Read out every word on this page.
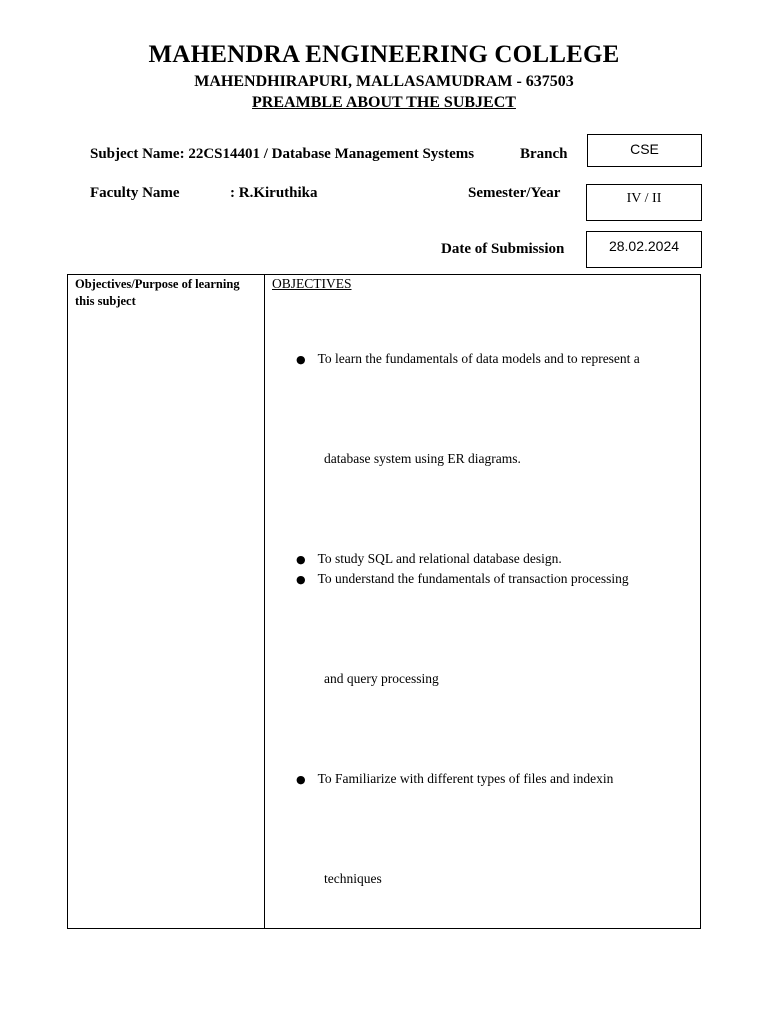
MAHENDRA ENGINEERING COLLEGE
MAHENDHIRAPURI, MALLASAMUDRAM - 637503
PREAMBLE ABOUT THE SUBJECT
Subject Name: 22CS14401 / Database Management Systems	Branch	CSE
Faculty Name	: R.Kiruthika	Semester/Year	IV / II
Date of Submission	28.02.2024
Objectives/Purpose of learning this subject
OBJECTIVES
● To learn the fundamentals of data models and to represent a
database system using ER diagrams.
● To study SQL and relational database design.
● To understand the fundamentals of transaction processing
and query processing
● To Familiarize with different types of files and indexin
techniques
